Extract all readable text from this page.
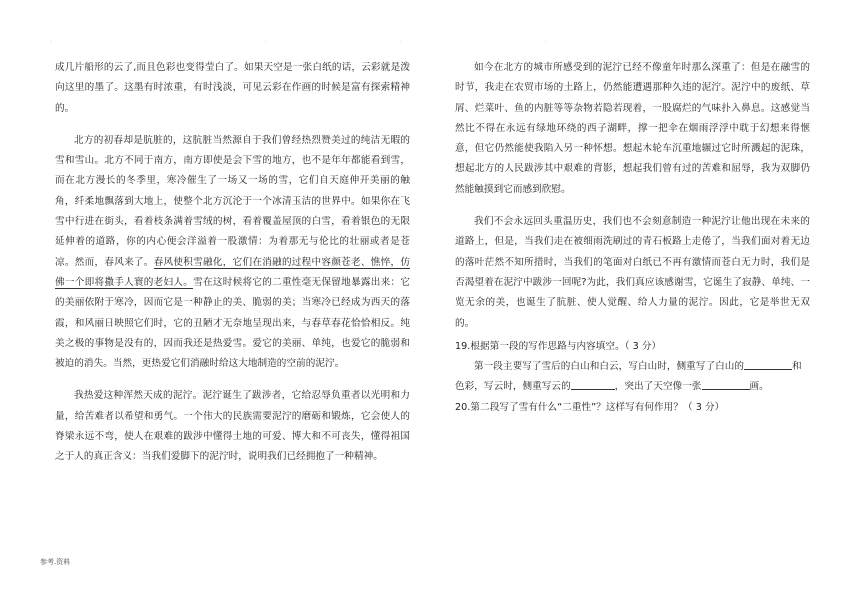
.	.	.	.

成几片船形的云了,而且色彩也变得莹白了。如果天空是一张白纸的话，云彩就是泼向这里的墨了。这墨有时浓重，有时浅淡，可见云彩在作画的时候是富有探索精神的。

北方的初春却是肮脏的，这肮脏当然源自于我们曾经热烈赞美过的纯洁无暇的雪和雪山。北方不同于南方，南方即使是会下雪的地方，也不是年年都能看到雪，而在北方漫长的冬季里，寒冷催生了一场又一场的雪，它们自天庭伸开美丽的触角，纤柔地飘落到大地上，使整个北方沉沦于一个冰清玉洁的世界中。如果你在飞雪中行进在街头，看着枝条满着雪绒的树，看着覆盖屋顶的白雪，看着银色的无限延伸着的道路，你的内心便会洋溢着一股激情：为着那无与伦比的壮丽或者是苍凉。然而，春风来了。春风使积雪融化，它们在消融的过程中容颜苍老、憔悴，仿佛一个即将撒手人寰的老妇人。雪在这时候将它的二重性毫无保留地暴露出来：它的美丽依附于寒冷，因而它是一种静止的美、脆弱的美；当寒冷已经成为西天的落霞，和风丽日映照它们时，它的丑陋才无奈地呈现出来，与春草春花恰恰相反。纯美之极的事物是没有的，因而我还是热爱雪。爱它的美丽、单纯，也爱它的脆弱和被迫的消失。当然，更热爱它们消融时给这大地制造的空前的泥泞。

我热爱这种浑然天成的泥泞。泥泞诞生了跋涉者，它给忍辱负重者以光明和力量，给苦难者以希望和勇气。一个伟大的民族需要泥泞的磨砺和锻炼，它会使人的脊梁永远不弯，使人在艰难的跋涉中懂得土地的可爱、博大和不可丧失，懂得祖国之于人的真正含义：当我们爱脚下的泥泞时，说明我们已经拥抱了一种精神。

如今在北方的城市所感受到的泥泞已经不像童年时那么深重了：但是在融雪的时节，我走在农贸市场的土路上，仍然能遭遇那种久违的泥泞。泥泞中的废纸、草屑、烂菜叶、鱼的内脏等等杂物若隐若现着，一股腐烂的气味扑入鼻息。这感觉当然比不得在永远有绿地环绕的西子湖畔，撑一把伞在烟雨浮浮中耽于幻想来得惬意，但它仍然能使我陷入另一种怀想。想起木轮车沉重地辗过它时所溅起的泥珠，想起北方的人民跋涉其中艰难的背影，想起我们曾有过的苦难和屈辱，我为双脚仍然能触摸到它而感到欣慰。

我们不会永远回头重温历史，我们也不会刻意制造一种泥泞让他出现在未来的道路上，但是，当我们走在被细雨洗刷过的青石板路上走倦了，当我们面对着无边的落叶茫然不知所措时，当我们的笔面对白纸已不再有激情而苍白无力时，我们是否渴望着在泥泞中跋涉一回呢?为此，我们真应该感谢雪，它诞生了寂静、单纯、一览无余的美，也诞生了肮脏、使人觉醒、给人力量的泥泞。因此，它是举世无双的。

19.根据第一段的写作思路与内容填空。（ 3 分）

第一段主要写了雪后的白山和白云，写白山时，侧重写了白山的	和色彩，写云时，侧重写云的	，突出了天空像一张	画。

20.第二段写了雪有什么“二重性”？这样写有何作用？（ 3 分）

参考.资料
